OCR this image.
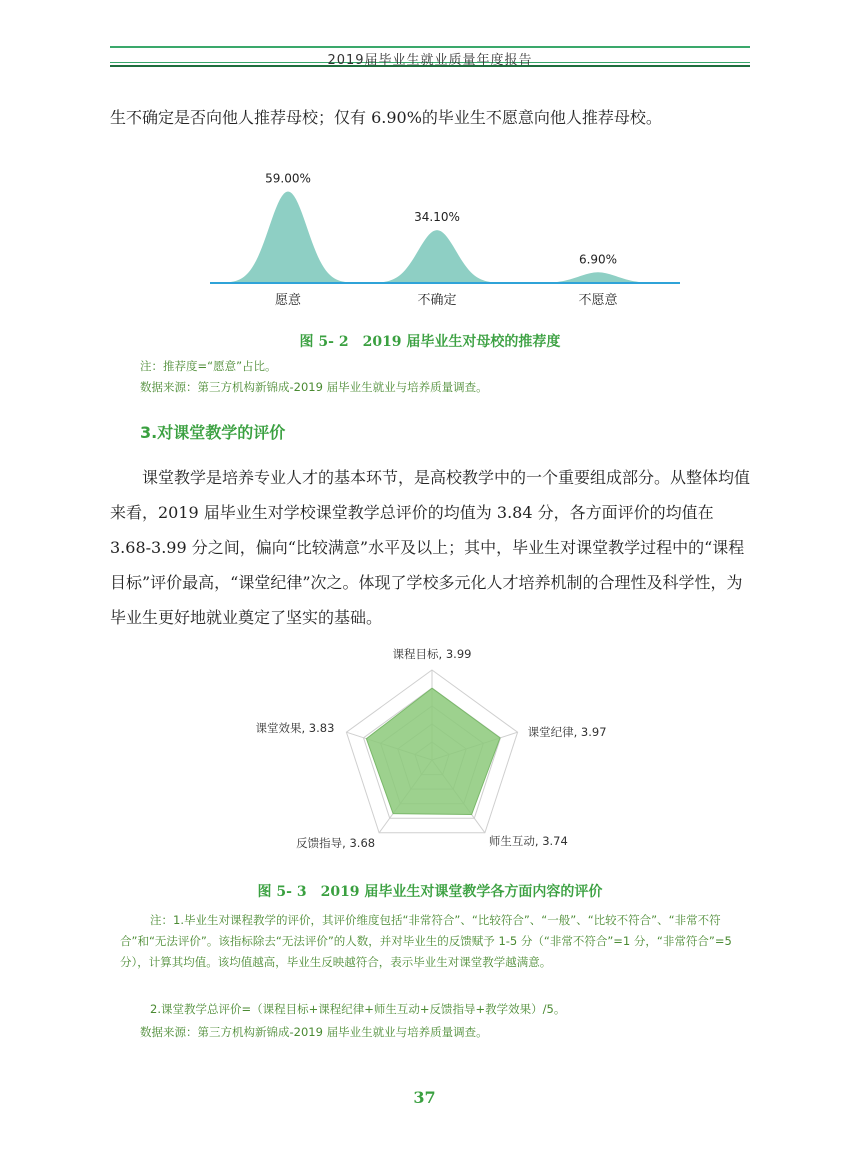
2019届毕业生就业质量年度报告
生不确定是否向他人推荐母校；仅有 6.90%的毕业生不愿意向他人推荐母校。
59.00%
愿意
34.10%
不确定
6.90%
不愿意
图 5- 2　2019 届毕业生对母校的推荐度
注：推荐度=“愿意”占比。
数据来源：第三方机构新锦成-2019 届毕业生就业与培养质量调查。
3.对课堂教学的评价
课堂教学是培养专业人才的基本环节，是高校教学中的一个重要组成部分。从整体均值来看，2019 届毕业生对学校课堂教学总评价的均值为 3.84 分，各方面评价的均值在 3.68-3.99 分之间，偏向“比较满意”水平及以上；其中，毕业生对课堂教学过程中的“课程目标”评价最高，“课堂纪律”次之。体现了学校多元化人才培养机制的合理性及科学性，为毕业生更好地就业奠定了坚实的基础。
课程目标, 3.99
课堂纪律, 3.97
师生互动, 3.74
反馈指导, 3.68
课堂效果, 3.83
图 5- 3　2019 届毕业生对课堂教学各方面内容的评价
注：1.毕业生对课程教学的评价，其评价维度包括“非常符合”、“比较符合”、“一般”、“比较不符合”、“非常不符合”和“无法评价”。该指标除去“无法评价”的人数，并对毕业生的反馈赋予 1-5 分（“非常不符合”=1 分，“非常符合”=5 分），计算其均值。该均值越高，毕业生反映越符合，表示毕业生对课堂教学越满意。
2.课堂教学总评价=（课程目标+课程纪律+师生互动+反馈指导+教学效果）/5。
数据来源：第三方机构新锦成-2019 届毕业生就业与培养质量调查。
37
